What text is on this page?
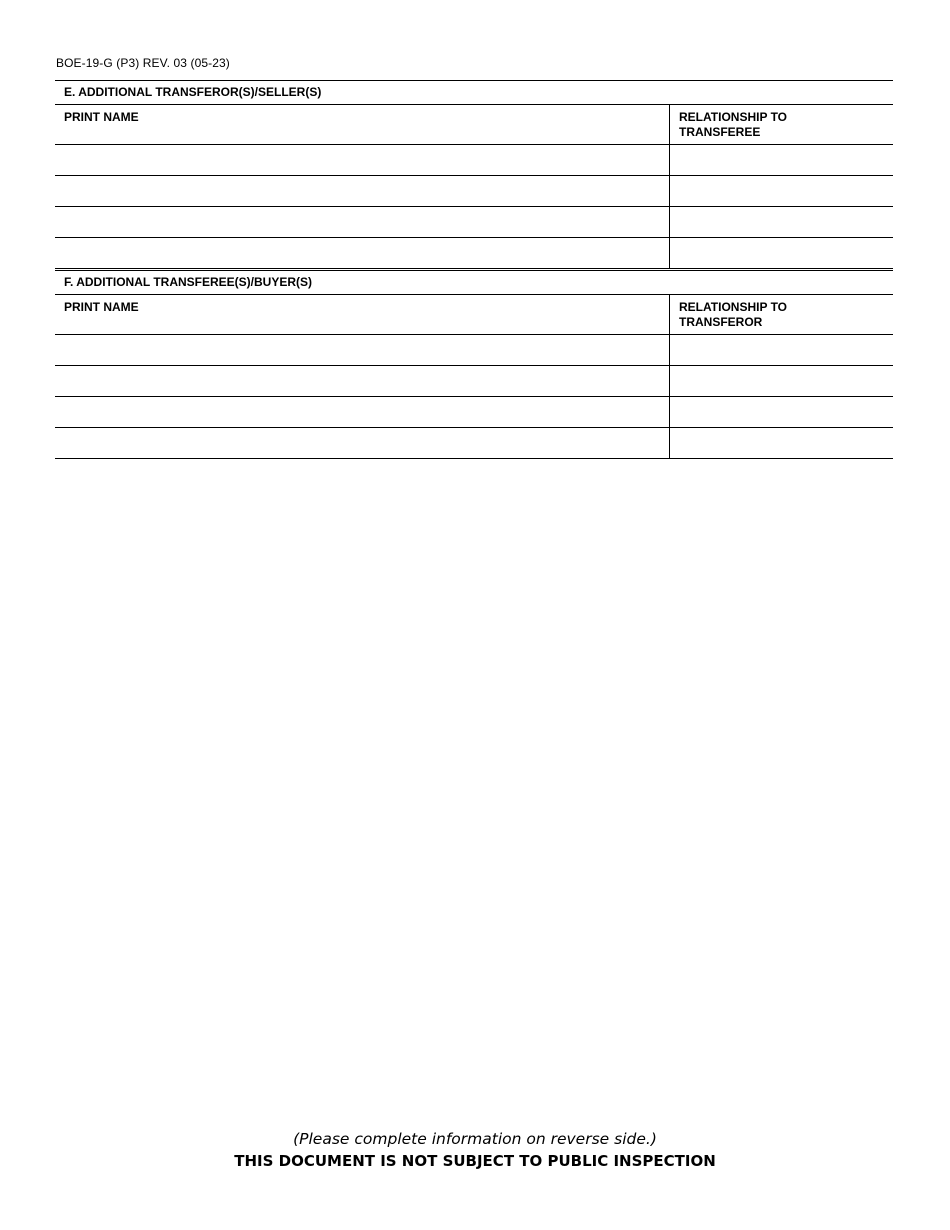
BOE-19-G (P3) REV. 03 (05-23)
E. ADDITIONAL TRANSFEROR(S)/SELLER(S)
PRINT NAME	RELATIONSHIP TO TRANSFEREE
F. ADDITIONAL TRANSFEREE(S)/BUYER(S)
PRINT NAME	RELATIONSHIP TO TRANSFEROR
(Please complete information on reverse side.)
THIS DOCUMENT IS NOT SUBJECT TO PUBLIC INSPECTION
